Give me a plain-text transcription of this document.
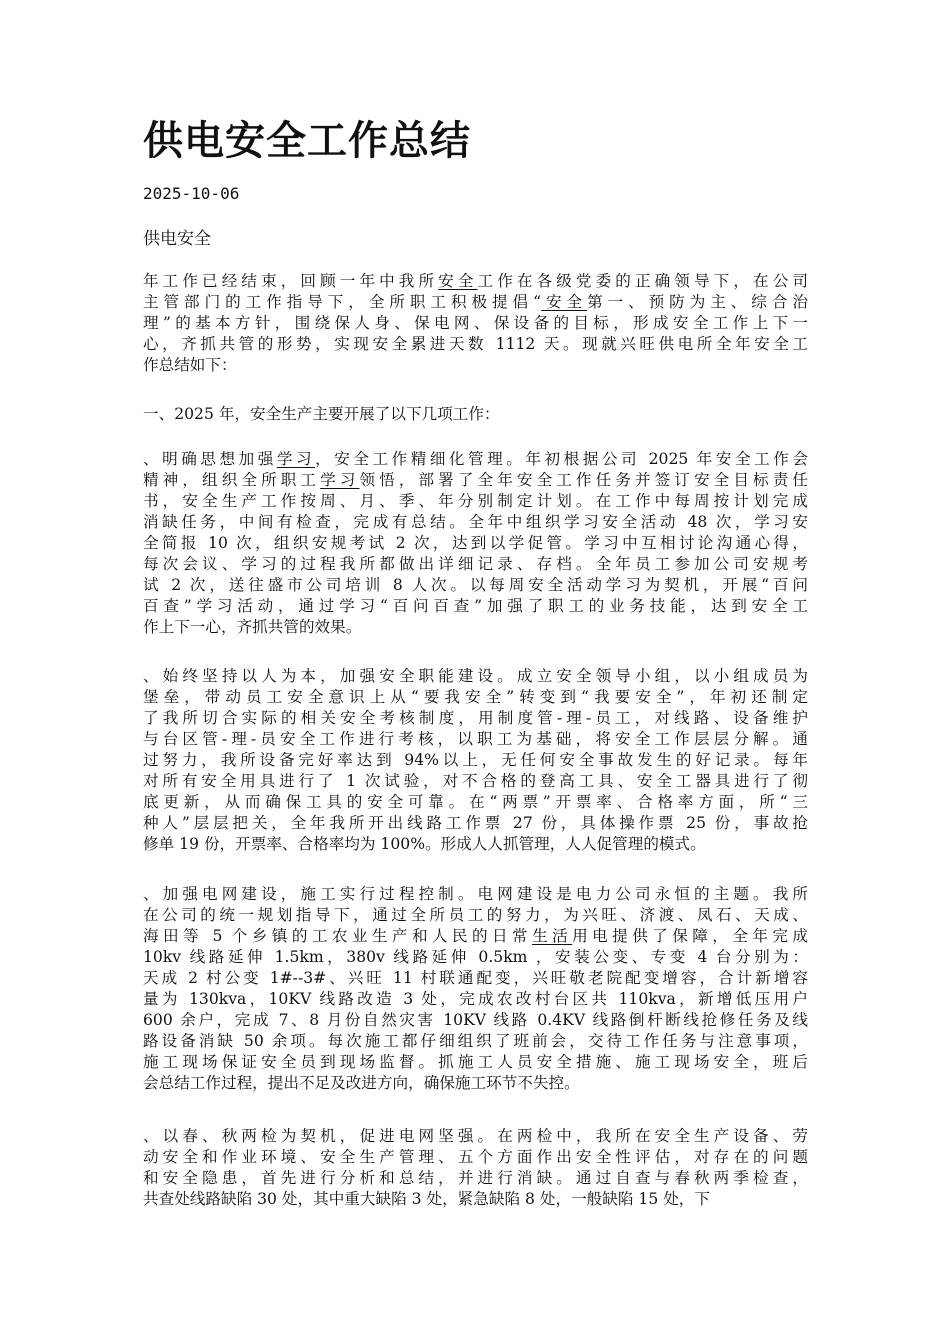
供电安全工作总结
2025-10-06
供电安全
年工作已经结束，回顾一年中我所安全工作在各级党委的正确领导下，在公司
主管部门的工作指导下，全所职工积极提倡“安全第一、预防为主、综合治
理”的基本方针，围绕保人身、保电网、保设备的目标，形成安全工作上下一
心，齐抓共管的形势，实现安全累进天数 1112 天。现就兴旺供电所全年安全工
作总结如下：
一、2025 年，安全生产主要开展了以下几项工作：
、明确思想加强学习，安全工作精细化管理。年初根据公司 2025 年安全工作会
精神，组织全所职工学习领悟，部署了全年安全工作任务并签订安全目标责任
书，安全生产工作按周、月、季、年分别制定计划。在工作中每周按计划完成
消缺任务，中间有检查，完成有总结。全年中组织学习安全活动 48 次，学习安
全简报 10 次，组织安规考试 2 次，达到以学促管。学习中互相讨论沟通心得，
每次会议、学习的过程我所都做出详细记录、存档。全年员工参加公司安规考
试 2 次，送往盛市公司培训 8 人次。以每周安全活动学习为契机，开展“百问
百查”学习活动，通过学习“百问百查”加强了职工的业务技能，达到安全工
作上下一心，齐抓共管的效果。
、始终坚持以人为本，加强安全职能建设。成立安全领导小组，以小组成员为
堡垒，带动员工安全意识上从“要我安全”转变到“我要安全”，年初还制定
了我所切合实际的相关安全考核制度，用制度管-理-员工，对线路、设备维护
与台区管-理-员安全工作进行考核，以职工为基础，将安全工作层层分解。通
过努力，我所设备完好率达到 94%以上，无任何安全事故发生的好记录。每年
对所有安全用具进行了 1 次试验，对不合格的登高工具、安全工器具进行了彻
底更新，从而确保工具的安全可靠。在“两票”开票率、合格率方面，所“三
种人”层层把关，全年我所开出线路工作票 27 份，具体操作票 25 份，事故抢
修单 19 份，开票率、合格率均为 100%。形成人人抓管理，人人促管理的模式。
、加强电网建设，施工实行过程控制。电网建设是电力公司永恒的主题。我所
在公司的统一规划指导下，通过全所员工的努力，为兴旺、济渡、凤石、天成、
海田等 5 个乡镇的工农业生产和人民的日常生活用电提供了保障，全年完成
10kv 线路延伸 1.5km，380v 线路延伸 0.5km ，安装公变、专变 4 台分别为：
天成 2 村公变 1#--3#、兴旺 11 村联通配变，兴旺敬老院配变增容，合计新增容
量为 130kva，10KV 线路改造 3 处，完成农改村台区共 110kva，新增低压用户
600 余户，完成 7、8 月份自然灾害 10KV 线路 0.4KV 线路倒杆断线抢修任务及线
路设备消缺 50 余项。每次施工都仔细组织了班前会，交待工作任务与注意事项，
施工现场保证安全员到现场监督。抓施工人员安全措施、施工现场安全，班后
会总结工作过程，提出不足及改进方向，确保施工环节不失控。
、以春、秋两检为契机，促进电网坚强。在两检中，我所在安全生产设备、劳
动安全和作业环境、安全生产管理、五个方面作出安全性评估，对存在的问题
和安全隐患，首先进行分析和总结，并进行消缺。通过自查与春秋两季检查，
共查处线路缺陷 30 处，其中重大缺陷 3 处，紧急缺陷 8 处，一般缺陷 15 处，下
